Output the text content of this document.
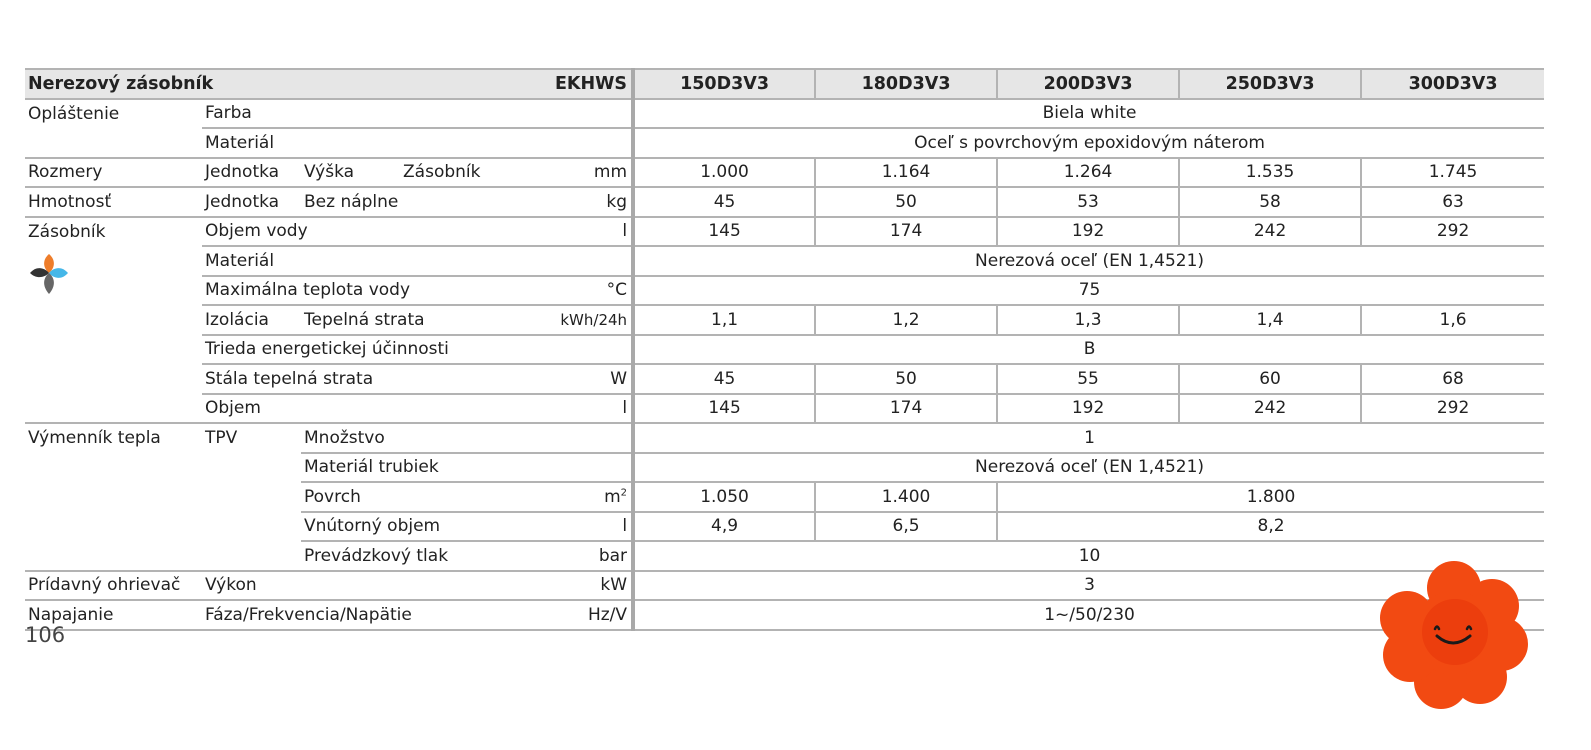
Nerezový zásobník			EKHWS		150D3V3	180D3V3	200D3V3	250D3V3	300D3V3
Opláštenie	Farba				Biela white				
	Materiál				Oceľ s povrchovým epoxidovým náterom				
Rozmery	Jednotka	Výška	Zásobník	mm	1.000	1.164	1.264	1.535	1.745
Hmotnosť	Jednotka	Bez náplne		kg	45	50	53	58	63
Zásobník	Objem vody			l	145	174	192	242	292

	Materiál				Nerezová oceľ (EN 1,4521)				
	Maximálna teplota vody			°C	75				
	Izolácia	Tepelná strata		kWh/24h	1,1	1,2	1,3	1,4	1,6
	Trieda energetickej účinnosti				B				
	Stála tepelná strata			W	45	50	55	60	68
	Objem			l	145	174	192	242	292
Výmenník tepla	TPV	Množstvo			1				
		Materiál trubiek			Nerezová oceľ (EN 1,4521)				
		Povrch		$m^2$	1.050	1.400	1.800		
		Vnútorný objem		l	4,9	6,5	8,2		
		Prevádzkový tlak		bar	10				
Prídavný ohrievač	Výkon			kW	3				
Napajanie	Fáza/Frekvencia/Napätie			Hz/V	1~/50/230				
106
